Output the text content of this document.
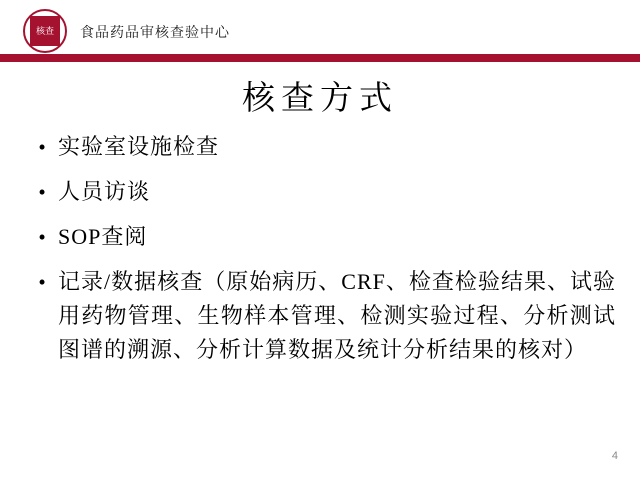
核查	食品药品审核查验中心
核查方式
• 实验室设施检查
• 人员访谈
• SOP查阅
• 记录/数据核查（原始病历、CRF、检查检验结果、试验用药物管理、生物样本管理、检测实验过程、分析测试图谱的溯源、分析计算数据及统计分析结果的核对）
4
